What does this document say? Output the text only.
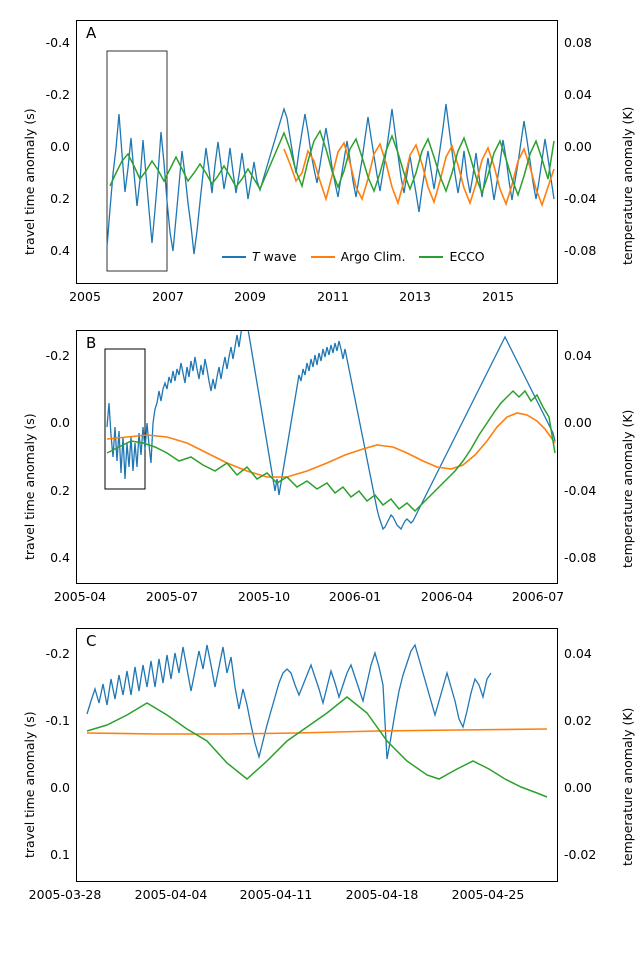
A
travel time anomaly (s)	temperature anomaly (K)
-0.4
-0.2
0.0
0.2
0.4
0.08
0.04
0.00
-0.04
-0.08
2005	2007	2009	2011	2013	2015
T wave	Argo Clim.	ECCO
B
travel time anomaly (s)	temperature anomaly (K)
-0.2
0.0
0.2
0.4
0.04
0.00
-0.04
-0.08
2005-04	2005-07	2005-10	2006-01	2006-04	2006-07
C
travel time anomaly (s)	temperature anomaly (K)
-0.2
-0.1
0.0
0.1
0.04
0.02
0.00
-0.02
2005-03-28	2005-04-04	2005-04-11	2005-04-18	2005-04-25
